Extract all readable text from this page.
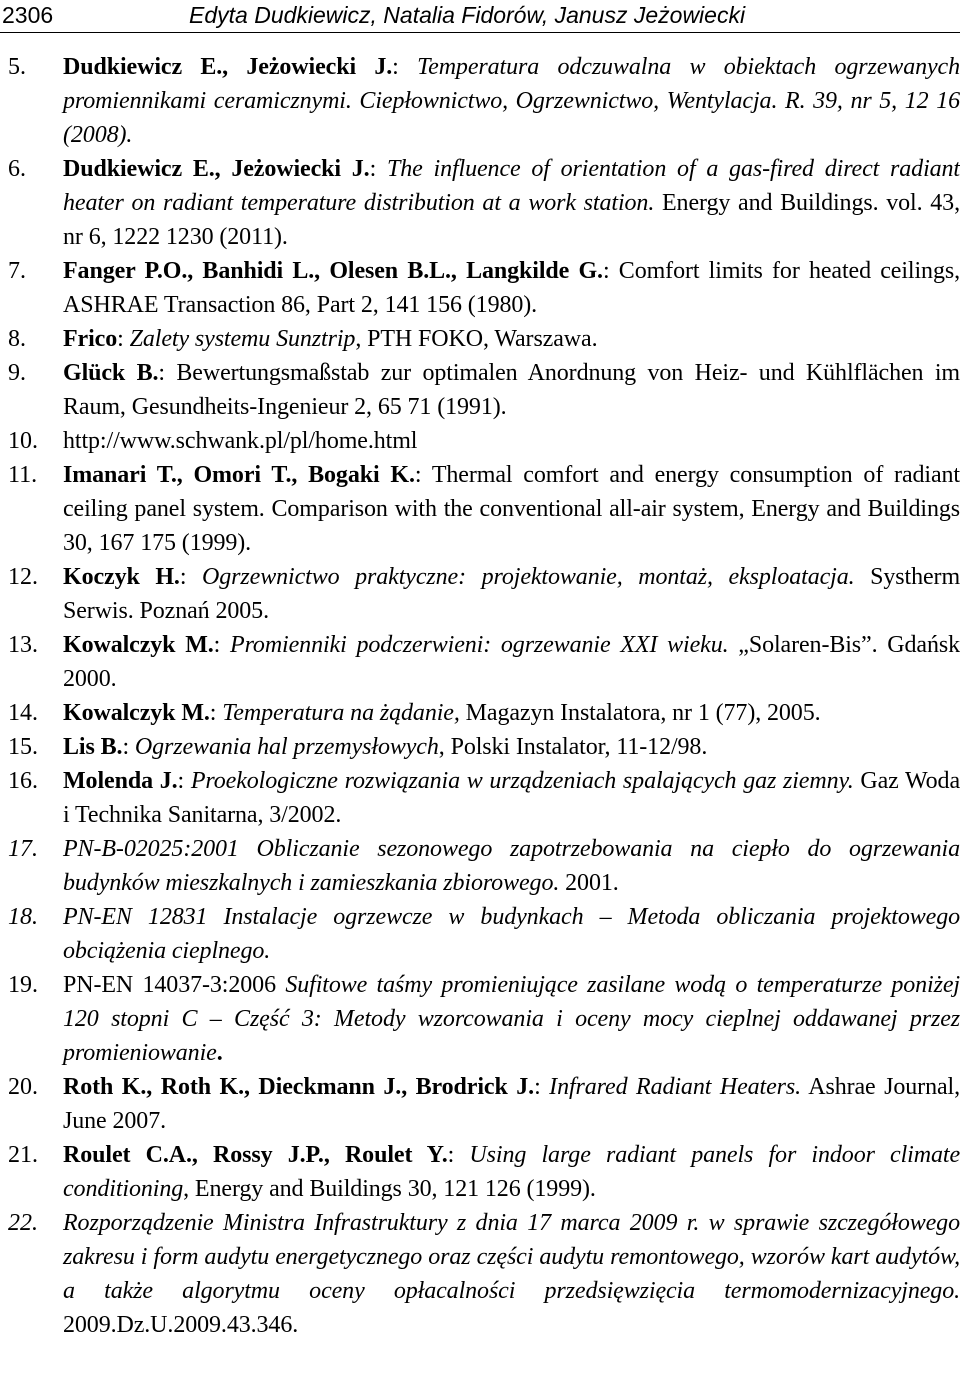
2306	Edyta Dudkiewicz, Natalia Fidorów, Janusz Jeżowiecki
5. Dudkiewicz E., Jeżowiecki J.: Temperatura odczuwalna w obiektach ogrzewanych promiennikami ceramicznymi. Ciepłownictwo, Ogrzewnictwo, Wentylacja. R. 39, nr 5, 12 16 (2008).
6. Dudkiewicz E., Jeżowiecki J.: The influence of orientation of a gas-fired direct radiant heater on radiant temperature distribution at a work station. Energy and Buildings. vol. 43, nr 6, 1222 1230 (2011).
7. Fanger P.O., Banhidi L., Olesen B.L., Langkilde G.: Comfort limits for heated ceilings, ASHRAE Transaction 86, Part 2, 141 156 (1980).
8. Frico: Zalety systemu Sunztrip, PTH FOKO, Warszawa.
9. Glück B.: Bewertungsmaßstab zur optimalen Anordnung von Heiz- und Kühlflächen im Raum, Gesundheits-Ingenieur 2, 65 71 (1991).
10. http://www.schwank.pl/pl/home.html
11. Imanari T., Omori T., Bogaki K.: Thermal comfort and energy consumption of radiant ceiling panel system. Comparison with the conventional all-air system, Energy and Buildings 30, 167 175 (1999).
12. Koczyk H.: Ogrzewnictwo praktyczne: projektowanie, montaż, eksploatacja. Systherm Serwis. Poznań 2005.
13. Kowalczyk M.: Promienniki podczerwieni: ogrzewanie XXI wieku. „Solaren-Bis”. Gdańsk 2000.
14. Kowalczyk M.: Temperatura na żądanie, Magazyn Instalatora, nr 1 (77), 2005.
15. Lis B.: Ogrzewania hal przemysłowych, Polski Instalator, 11-12/98.
16. Molenda J.: Proekologiczne rozwiązania w urządzeniach spalających gaz ziemny. Gaz Woda i Technika Sanitarna, 3/2002.
17. PN-B-02025:2001 Obliczanie sezonowego zapotrzebowania na ciepło do ogrzewania budynków mieszkalnych i zamieszkania zbiorowego. 2001.
18. PN-EN 12831 Instalacje ogrzewcze w budynkach – Metoda obliczania projektowego obciążenia cieplnego.
19. PN-EN 14037-3:2006 Sufitowe taśmy promieniujące zasilane wodą o temperaturze poniżej 120 stopni C – Część 3: Metody wzorcowania i oceny mocy cieplnej oddawanej przez promieniowanie.
20. Roth K., Roth K., Dieckmann J., Brodrick J.: Infrared Radiant Heaters. Ashrae Journal, June 2007.
21. Roulet C.A., Rossy J.P., Roulet Y.: Using large radiant panels for indoor climate conditioning, Energy and Buildings 30, 121 126 (1999).
22. Rozporządzenie Ministra Infrastruktury z dnia 17 marca 2009 r. w sprawie szczegółowego zakresu i form audytu energetycznego oraz części audytu remontowego, wzorów kart audytów, a także algorytmu oceny opłacalności przedsięwzięcia termomodernizacyjnego. 2009.Dz.U.2009.43.346.
